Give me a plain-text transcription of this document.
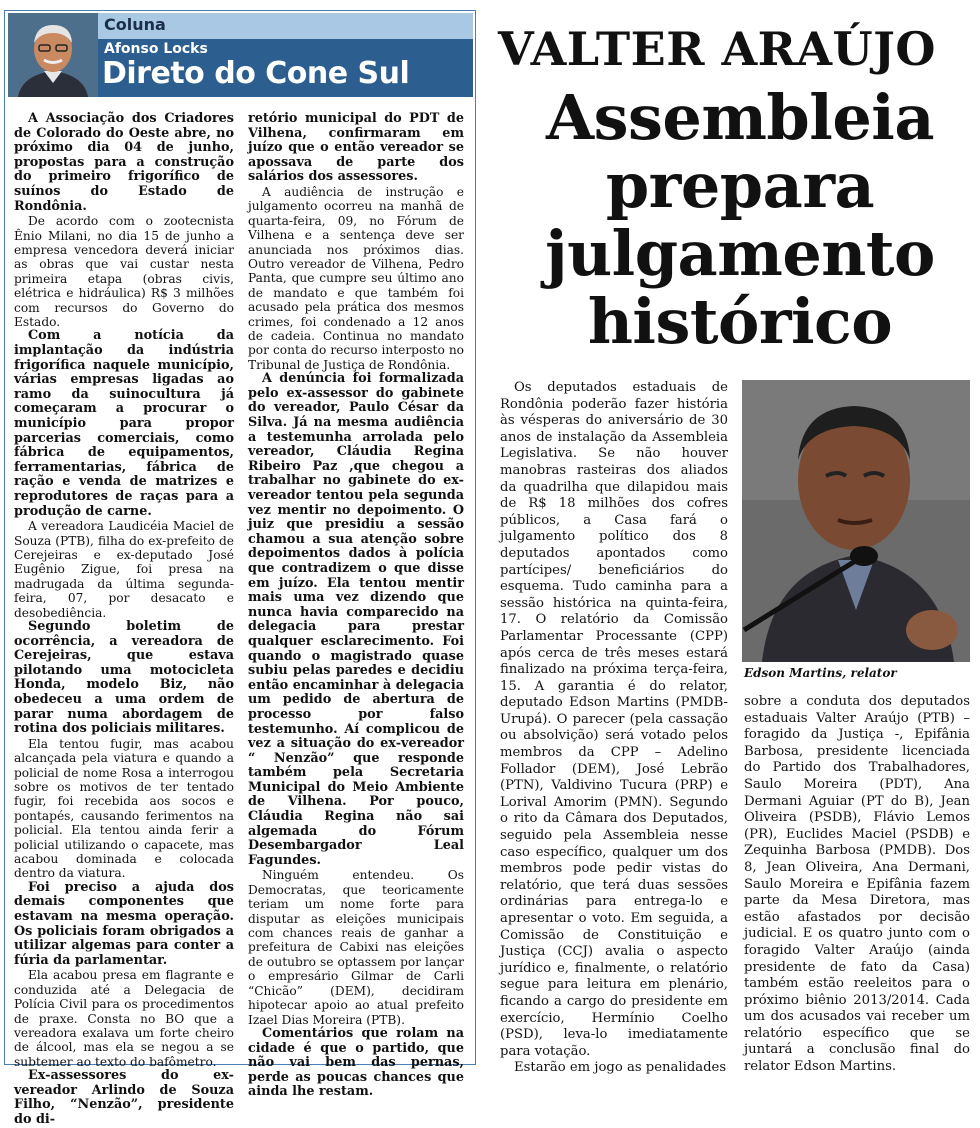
Coluna
Afonso Locks
Direto do Cone Sul

A Associação dos Criadores de Colorado do Oeste abre, no próximo dia 04 de junho, propostas para a construção do primeiro frigorífico de suínos do Estado de Rondônia.

De acordo com o zootecnista Ênio Milani, no dia 15 de junho a empresa vencedora deverá iniciar as obras que vai custar nesta primeira etapa (obras civis, elétrica e hidráulica) R$ 3 milhões com recursos do Governo do Estado.

Com a notícia da implantação da indústria frigorífica naquele município, várias empresas ligadas ao ramo da suinocultura já começaram a procurar o município para propor parcerias comerciais, como fábrica de equipamentos, ferramentarias, fábrica de ração e venda de matrizes e reprodutores de raças para a produção de carne.

A vereadora Laudicéia Maciel de Souza (PTB), filha do ex-prefeito de Cerejeiras e ex-deputado José Eugênio Zigue, foi presa na madrugada da última segunda-feira, 07, por desacato e desobediência.

Segundo boletim de ocorrência, a vereadora de Cerejeiras, que estava pilotando uma motocicleta Honda, modelo Biz, não obedeceu a uma ordem de parar numa abordagem de rotina dos policiais militares.

Ela tentou fugir, mas acabou alcançada pela viatura e quando a policial de nome Rosa a interrogou sobre os motivos de ter tentado fugir, foi recebida aos socos e pontapés, causando ferimentos na policial. Ela tentou ainda ferir a policial utilizando o capacete, mas acabou dominada e colocada dentro da viatura.

Foi preciso a ajuda dos demais componentes que estavam na mesma operação. Os policiais foram obrigados a utilizar algemas para conter a fúria da parlamentar.

Ela acabou presa em flagrante e conduzida até a Delegacia de Polícia Civil para os procedimentos de praxe. Consta no BO que a vereadora exalava um forte cheiro de álcool, mas ela se negou a se subtemer ao texto do bafômetro.

Ex-assessores do ex-vereador Arlindo de Souza Filho, “Nenzão”, presidente do di-

retório municipal do PDT de Vilhena, confirmaram em juízo que o então vereador se apossava de parte dos salários dos assessores.

A audiência de instrução e julgamento ocorreu na manhã de quarta-feira, 09, no Fórum de Vilhena e a sentença deve ser anunciada nos próximos dias. Outro vereador de Vilhena, Pedro Panta, que cumpre seu último ano de mandato e que também foi acusado pela prática dos mesmos crimes, foi condenado a 12 anos de cadeia. Continua no mandato por conta do recurso interposto no Tribunal de Justiça de Rondônia.

A denúncia foi formalizada pelo ex-assessor do gabinete do vereador, Paulo César da Silva. Já na mesma audiência a testemunha arrolada pelo vereador, Cláudia Regina Ribeiro Paz ,que chegou a trabalhar no gabinete do ex-vereador tentou pela segunda vez mentir no depoimento. O juiz que presidiu a sessão chamou a sua atenção sobre depoimentos dados à polícia que contradizem o que disse em juízo. Ela tentou mentir mais uma vez dizendo que nunca havia comparecido na delegacia para prestar qualquer esclarecimento. Foi quando o magistrado quase subiu pelas paredes e decidiu então encaminhar à delegacia um pedido de abertura de processo por falso testemunho. Aí complicou de vez a situação do ex-vereador “ Nenzão” que responde também pela Secretaria Municipal do Meio Ambiente de Vilhena. Por pouco, Cláudia Regina não sai algemada do Fórum Desembargador Leal Fagundes.

Ninguém entendeu. Os Democratas, que teoricamente teriam um nome forte para disputar as eleições municipais com chances reais de ganhar a prefeitura de Cabixi nas eleições de outubro se optassem por lançar o empresário Gilmar de Carli “Chicão” (DEM), decidiram hipotecar apoio ao atual prefeito Izael Dias Moreira (PTB).

Comentários que rolam na cidade é que o partido, que não vai bem das pernas, perde as poucas chances que ainda lhe restam.

VALTER ARAÚJO
Assembleia prepara julgamento histórico

Os deputados estaduais de Rondônia poderão fazer história às vésperas do aniversário de 30 anos de instalação da Assembleia Legislativa. Se não houver manobras rasteiras dos aliados da quadrilha que dilapidou mais de R$ 18 milhões dos cofres públicos, a Casa fará o julgamento político dos 8 deputados apontados como partícipes/ beneficiários do esquema. Tudo caminha para a sessão histórica na quinta-feira, 17. O relatório da Comissão Parlamentar Processante (CPP) após cerca de três meses estará finalizado na próxima terça-feira, 15. A garantia é do relator, deputado Edson Martins (PMDB-Urupá). O parecer (pela cassação ou absolvição) será votado pelos membros da CPP – Adelino Follador (DEM), José Lebrão (PTN), Valdivino Tucura (PRP) e Lorival Amorim (PMN). Segundo o rito da Câmara dos Deputados, seguido pela Assembleia nesse caso específico, qualquer um dos membros pode pedir vistas do relatório, que terá duas sessões ordinárias para entrega-lo e apresentar o voto. Em seguida, a Comissão de Constituição e Justiça (CCJ) avalia o aspecto jurídico e, finalmente, o relatório segue para leitura em plenário, ficando a cargo do presidente em exercício, Hermínio Coelho (PSD), leva-lo imediatamente para votação.

Estarão em jogo as penalidades

Edson Martins, relator

sobre a conduta dos deputados estaduais Valter Araújo (PTB) – foragido da Justiça -, Epifânia Barbosa, presidente licenciada do Partido dos Trabalhadores, Saulo Moreira (PDT), Ana Dermani Aguiar (PT do B), Jean Oliveira (PSDB), Flávio Lemos (PR), Euclides Maciel (PSDB) e Zequinha Barbosa (PMDB). Dos 8, Jean Oliveira, Ana Dermani, Saulo Moreira e Epifânia fazem parte da Mesa Diretora, mas estão afastados por decisão judicial. E os quatro junto com o foragido Valter Araújo (ainda presidente de fato da Casa) também estão reeleitos para o próximo biênio 2013/2014. Cada um dos acusados vai receber um relatório específico que se juntará a conclusão final do relator Edson Martins.
